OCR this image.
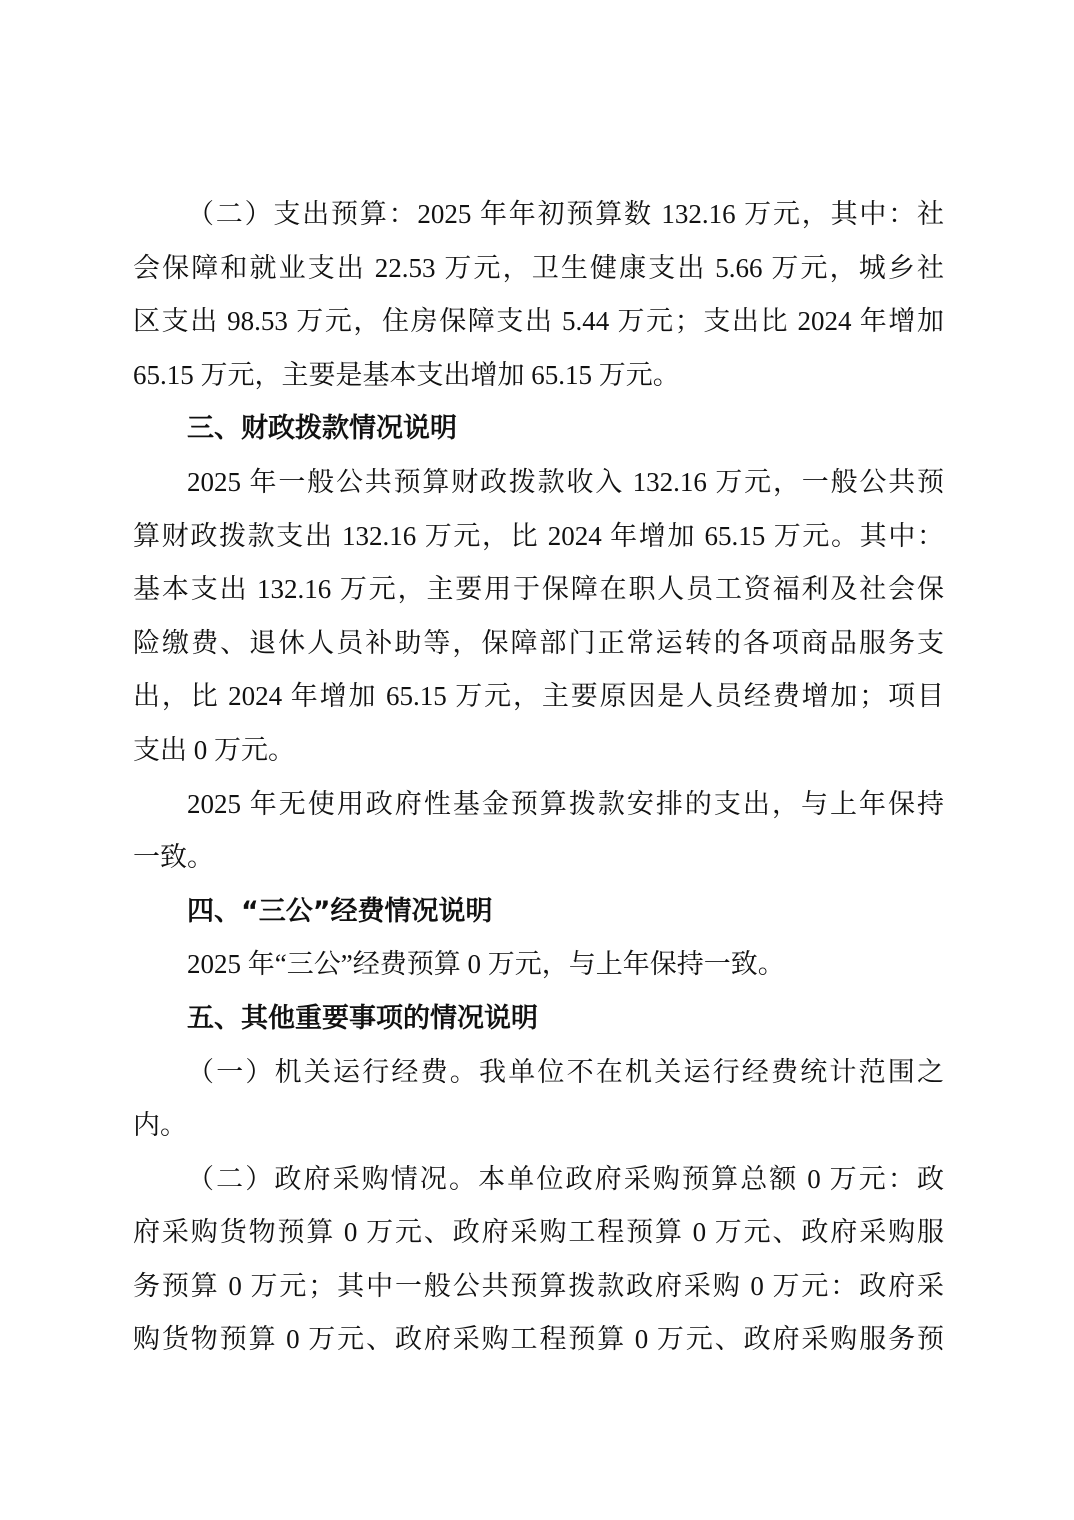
（二）支出预算：2025 年年初预算数 132.16 万元，其中：社
会保障和就业支出 22.53 万元，卫生健康支出 5.66 万元，城乡社
区支出 98.53 万元，住房保障支出 5.44 万元；支出比 2024 年增加
65.15 万元，主要是基本支出增加 65.15 万元。
三、财政拨款情况说明
2025 年一般公共预算财政拨款收入 132.16 万元，一般公共预
算财政拨款支出 132.16 万元，比 2024 年增加 65.15 万元。其中：
基本支出 132.16 万元，主要用于保障在职人员工资福利及社会保
险缴费、退休人员补助等，保障部门正常运转的各项商品服务支
出，比 2024 年增加 65.15 万元，主要原因是人员经费增加；项目
支出 0 万元。
2025 年无使用政府性基金预算拨款安排的支出，与上年保持
一致。
四、“三公”经费情况说明
2025 年“三公”经费预算 0 万元，与上年保持一致。
五、其他重要事项的情况说明
（一）机关运行经费。我单位不在机关运行经费统计范围之
内。
（二）政府采购情况。本单位政府采购预算总额 0 万元：政
府采购货物预算 0 万元、政府采购工程预算 0 万元、政府采购服
务预算 0 万元；其中一般公共预算拨款政府采购 0 万元：政府采
购货物预算 0 万元、政府采购工程预算 0 万元、政府采购服务预
